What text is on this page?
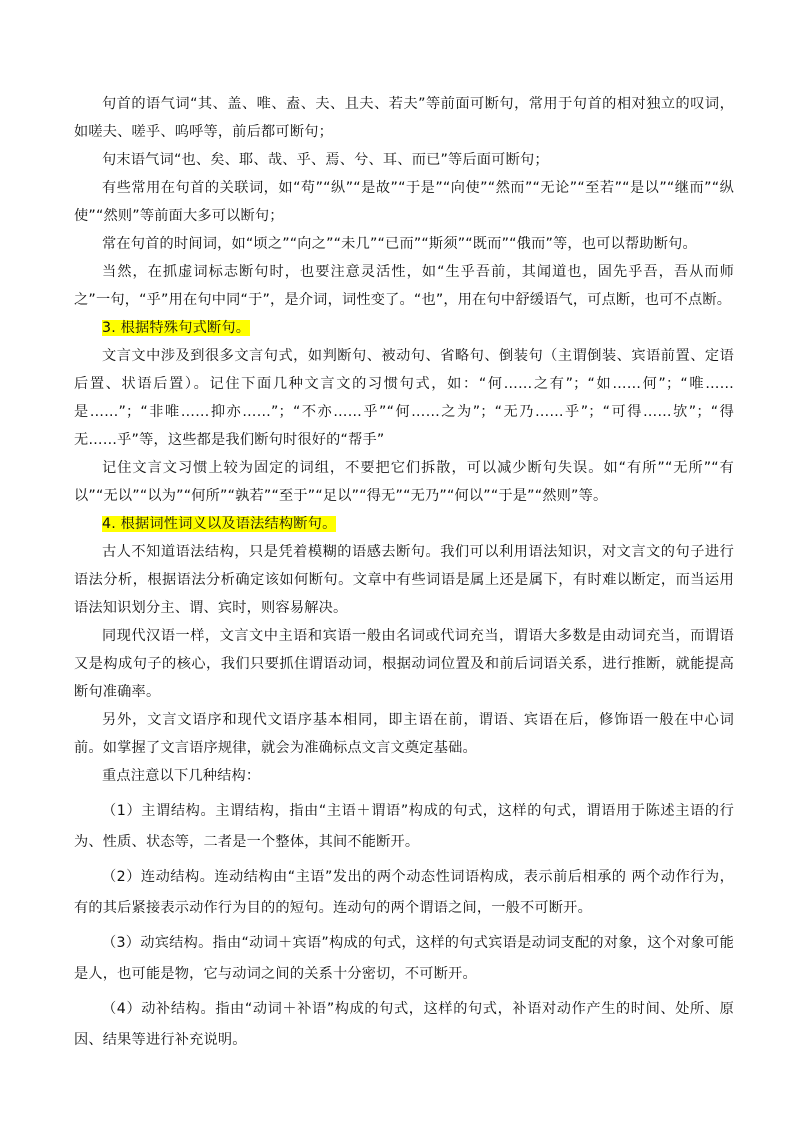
句首的语气词“其、盖、唯、盍、夫、且夫、若夫”等前面可断句，常用于句首的相对独立的叹词，如嗟夫、嗟乎、呜呼等，前后都可断句；

句末语气词“也、矣、耶、哉、乎、焉、兮、耳、而已”等后面可断句；

有些常用在句首的关联词，如“苟”“纵”“是故”“于是”“向使”“然而”“无论”“至若”“是以”“继而”“纵使”“然则”等前面大多可以断句；

常在句首的时间词，如“顷之”“向之”“未几”“已而”“斯须”“既而”“俄而”等，也可以帮助断句。

当然，在抓虚词标志断句时，也要注意灵活性，如“生乎吾前，其闻道也，固先乎吾，吾从而师之”一句，“乎”用在句中同“于”，是介词，词性变了。“也”，用在句中舒缓语气，可点断，也可不点断。

3. 根据特殊句式断句。

文言文中涉及到很多文言句式，如判断句、被动句、省略句、倒装句（主谓倒装、宾语前置、定语后置、状语后置）。记住下面几种文言文的习惯句式，如：“何……之有”；“如……何”；“唯……是……”；“非唯……抑亦……”；“不亦……乎”“何……之为”；“无乃……乎”；“可得……欤”；“得无……乎”等，这些都是我们断句时很好的“帮手”

记住文言文习惯上较为固定的词组，不要把它们拆散，可以减少断句失误。如“有所”“无所”“有以”“无以”“以为”“何所”“孰若”“至于”“足以”“得无”“无乃”“何以”“于是”“然则”等。

4. 根据词性词义以及语法结构断句。

古人不知道语法结构，只是凭着模糊的语感去断句。我们可以利用语法知识，对文言文的句子进行语法分析，根据语法分析确定该如何断句。文章中有些词语是属上还是属下，有时难以断定，而当运用语法知识划分主、谓、宾时，则容易解决。

同现代汉语一样，文言文中主语和宾语一般由名词或代词充当，谓语大多数是由动词充当，而谓语又是构成句子的核心，我们只要抓住谓语动词，根据动词位置及和前后词语关系，进行推断，就能提高断句准确率。

另外，文言文语序和现代文语序基本相同，即主语在前，谓语、宾语在后，修饰语一般在中心词前。如掌握了文言语序规律，就会为准确标点文言文奠定基础。

重点注意以下几种结构：

（1）主谓结构。主谓结构，指由“主语＋谓语”构成的句式，这样的句式，谓语用于陈述主语的行为、性质、状态等，二者是一个整体，其间不能断开。

（2）连动结构。连动结构由“主语”发出的两个动态性词语构成，表示前后相承的 两个动作行为，有的其后紧接表示动作行为目的的短句。连动句的两个谓语之间，一般不可断开。

（3）动宾结构。指由“动词＋宾语”构成的句式，这样的句式宾语是动词支配的对象，这个对象可能是人，也可能是物，它与动词之间的关系十分密切，不可断开。

（4）动补结构。指由“动词＋补语”构成的句式，这样的句式，补语对动作产生的时间、处所、原因、结果等进行补充说明。
